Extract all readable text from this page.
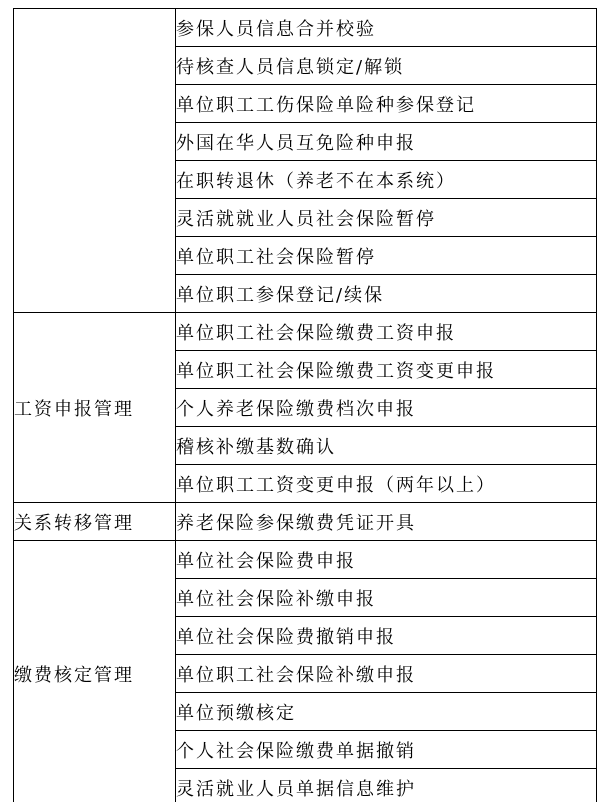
	参保人员信息合并校验
	待核查人员信息锁定/解锁
	单位职工工伤保险单险种参保登记
	外国在华人员互免险种申报
	在职转退休（养老不在本系统）
	灵活就就业人员社会保险暂停
	单位职工社会保险暂停
	单位职工参保登记/续保
工资申报管理	单位职工社会保险缴费工资申报
	单位职工社会保险缴费工资变更申报
	个人养老保险缴费档次申报
	稽核补缴基数确认
	单位职工工资变更申报（两年以上）
关系转移管理	养老保险参保缴费凭证开具
缴费核定管理	单位社会保险费申报
	单位社会保险补缴申报
	单位社会保险费撤销申报
	单位职工社会保险补缴申报
	单位预缴核定
	个人社会保险缴费单据撤销
	灵活就业人员单据信息维护
